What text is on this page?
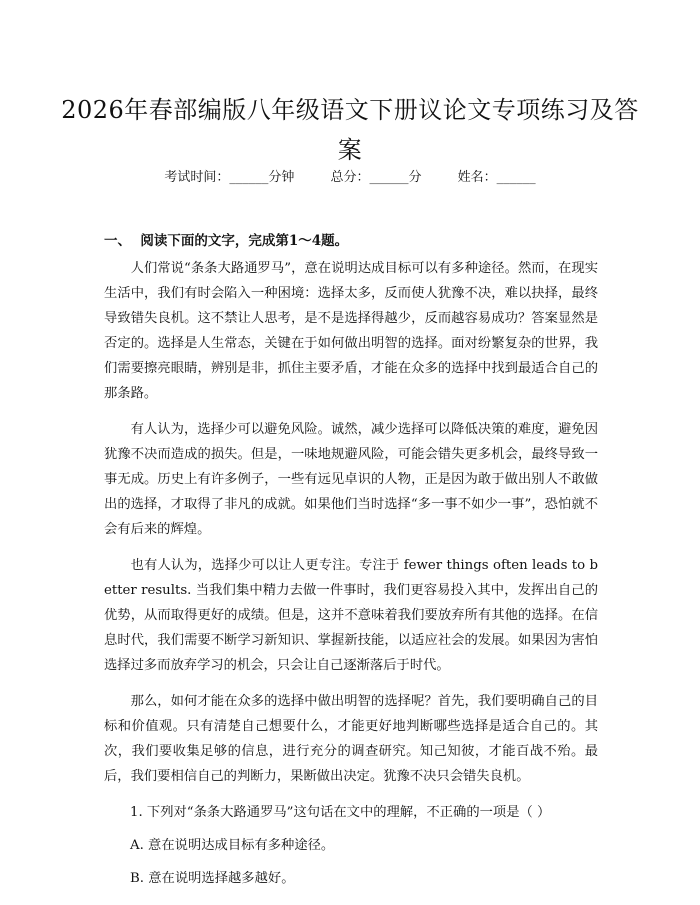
2026年春部编版八年级语文下册议论文专项练习及答案
考试时间：______分钟	总分：______分	姓名：______
一、  阅读下面的文字，完成第1～4题。

人们常说“条条大路通罗马”，意在说明达成目标可以有多种途径。然而，在现实生活中，我们有时会陷入一种困境：选择太多，反而使人犹豫不决，难以抉择，最终导致错失良机。这不禁让人思考，是不是选择得越少，反而越容易成功？答案显然是否定的。选择是人生常态，关键在于如何做出明智的选择。面对纷繁复杂的世界，我们需要擦亮眼睛，辨别是非，抓住主要矛盾，才能在众多的选择中找到最适合自己的那条路。

有人认为，选择少可以避免风险。诚然，减少选择可以降低决策的难度，避免因犹豫不决而造成的损失。但是，一味地规避风险，可能会错失更多机会，最终导致一事无成。历史上有许多例子，一些有远见卓识的人物，正是因为敢于做出别人不敢做出的选择，才取得了非凡的成就。如果他们当时选择“多一事不如少一事”，恐怕就不会有后来的辉煌。

也有人认为，选择少可以让人更专注。专注于 fewer things often leads to better results. 当我们集中精力去做一件事时，我们更容易投入其中，发挥出自己的优势，从而取得更好的成绩。但是，这并不意味着我们要放弃所有其他的选择。在信息时代，我们需要不断学习新知识、掌握新技能，以适应社会的发展。如果因为害怕选择过多而放弃学习的机会，只会让自己逐渐落后于时代。

那么，如何才能在众多的选择中做出明智的选择呢？首先，我们要明确自己的目标和价值观。只有清楚自己想要什么，才能更好地判断哪些选择是适合自己的。其次，我们要收集足够的信息，进行充分的调查研究。知己知彼，才能百战不殆。最后，我们要相信自己的判断力，果断做出决定。犹豫不决只会错失良机。

1. 下列对“条条大路通罗马”这句话在文中的理解，不正确的一项是（ ）

A. 意在说明达成目标有多种途径。

B. 意在说明选择越多越好。
